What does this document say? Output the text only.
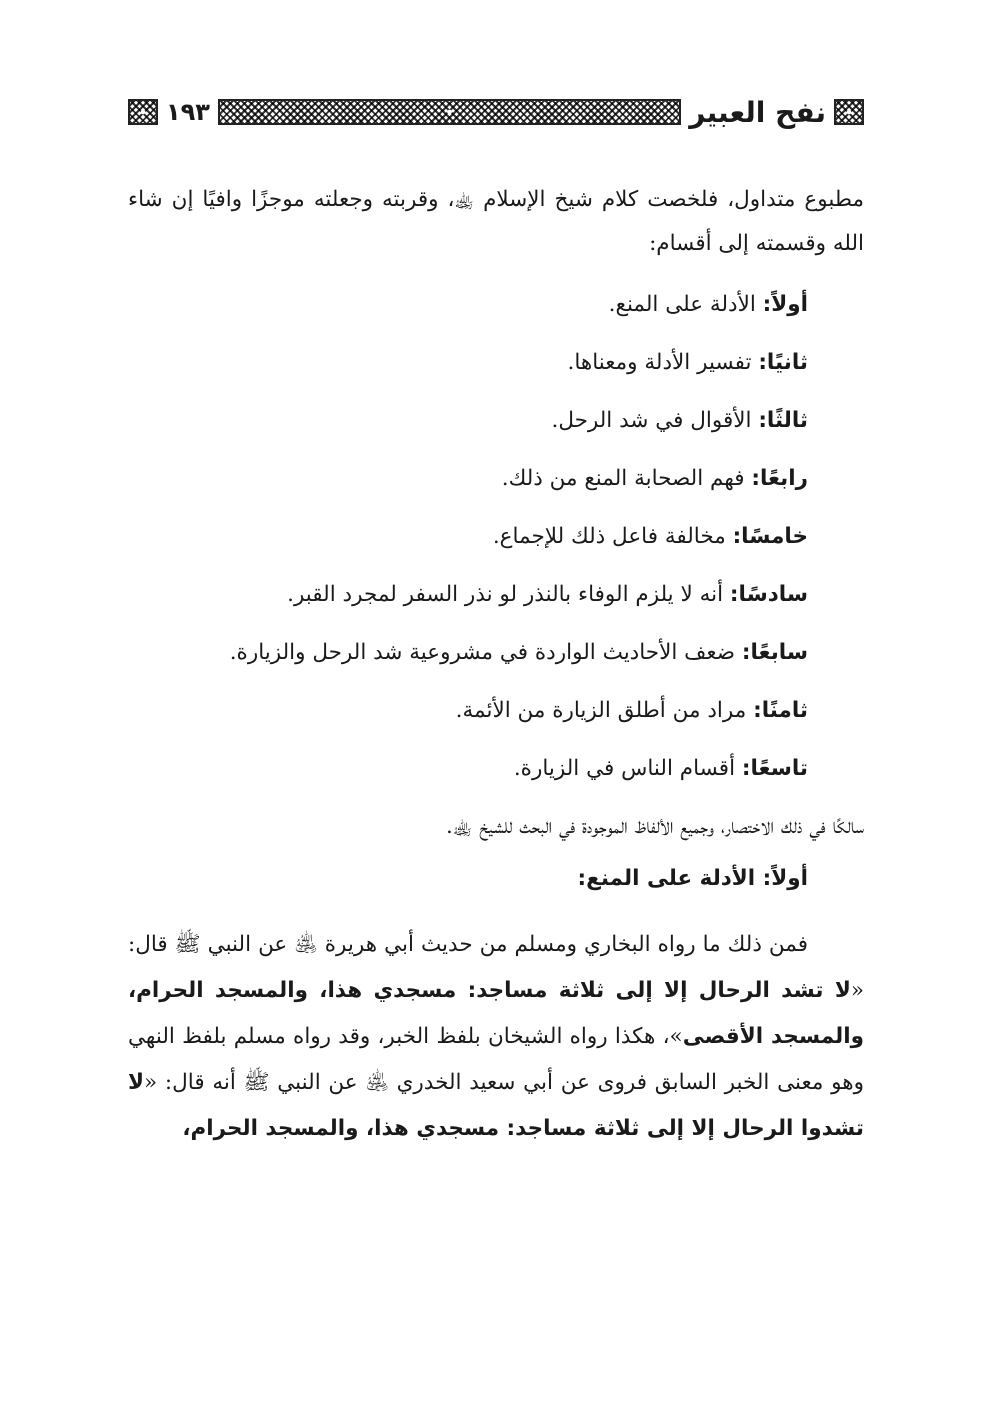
نفح العبير
١٩٣

مطبوع متداول، فلخصت كلام شيخ الإسلام ﵀، وقربته وجعلته موجزًا وافيًا إن شاء الله وقسمته إلى أقسام:

أولاً: الأدلة على المنع.

ثانيًا: تفسير الأدلة ومعناها.

ثالثًا: الأقوال في شد الرحل.

رابعًا: فهم الصحابة المنع من ذلك.

خامسًا: مخالفة فاعل ذلك للإجماع.

سادسًا: أنه لا يلزم الوفاء بالنذر لو نذر السفر لمجرد القبر.

سابعًا: ضعف الأحاديث الواردة في مشروعية شد الرحل والزيارة.

ثامنًا: مراد من أطلق الزيارة من الأئمة.

تاسعًا: أقسام الناس في الزيارة.

سالكًا في ذلك الاختصار، وجميع الألفاظ الموجودة في البحث للشيخ ﵀.

أولاً: الأدلة على المنع:

فمن ذلك ما رواه البخاري ومسلم من حديث أبي هريرة ﵁ عن النبي ﷺ قال: «لا تشد الرحال إلا إلى ثلاثة مساجد: مسجدي هذا، والمسجد الحرام، والمسجد الأقصى»، هكذا رواه الشيخان بلفظ الخبر، وقد رواه مسلم بلفظ النهي وهو معنى الخبر السابق فروى عن أبي سعيد الخدري ﵁ عن النبي ﷺ أنه قال: «لا تشدوا الرحال إلا إلى ثلاثة مساجد: مسجدي هذا، والمسجد الحرام،
